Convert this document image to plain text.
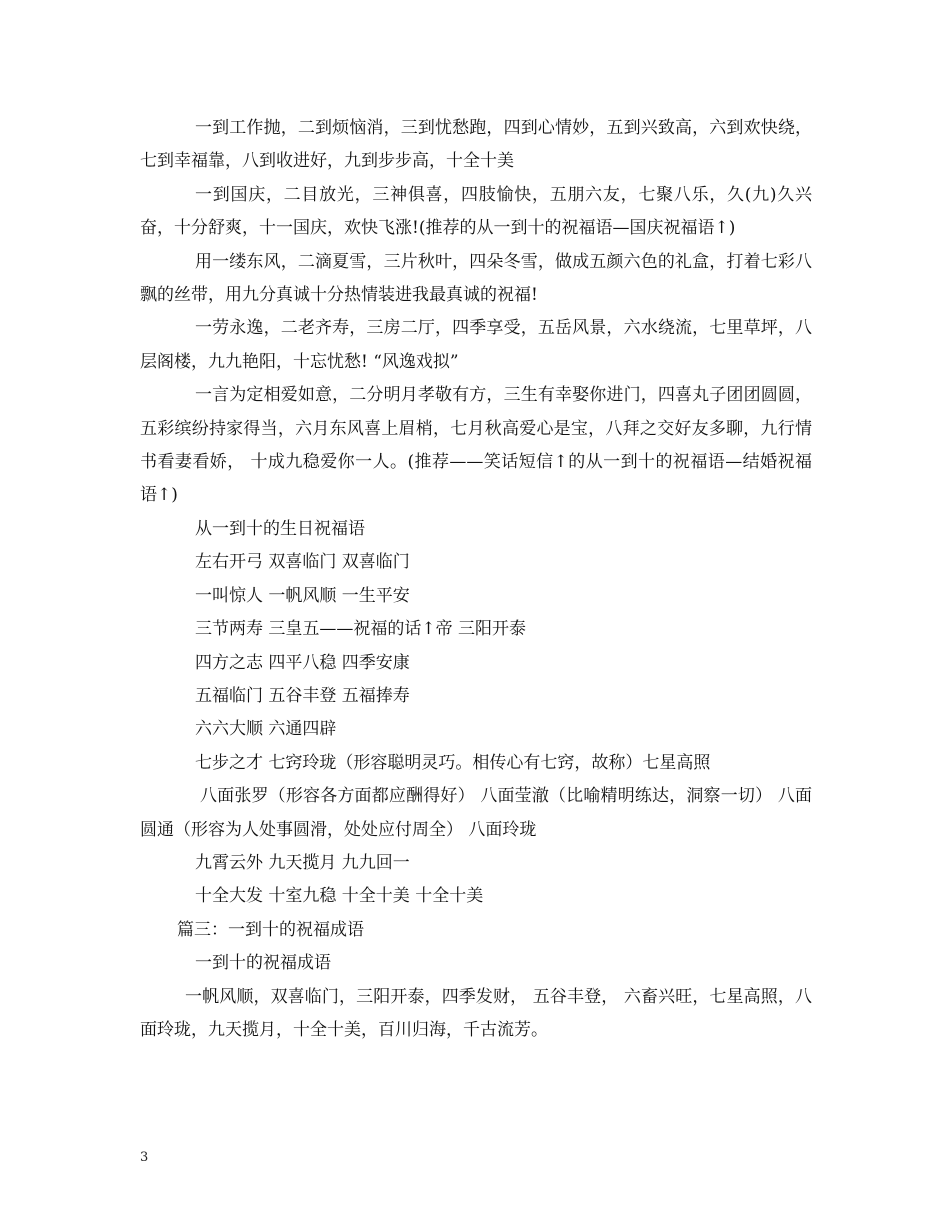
一到工作抛，二到烦恼消，三到忧愁跑，四到心情妙，五到兴致高，六到欢快绕，七到幸福靠，八到收进好，九到步步高，十全十美

一到国庆，二目放光，三神俱喜，四肢愉快，五朋六友，七聚八乐，久(九)久兴奋，十分舒爽，十一国庆，欢快飞涨!(推荐的从一到十的祝福语—国庆祝福语↑)

用一缕东风，二滴夏雪，三片秋叶，四朵冬雪，做成五颜六色的礼盒，打着七彩八飘的丝带，用九分真诚十分热情装进我最真诚的祝福!

一劳永逸，二老齐寿，三房二厅，四季享受，五岳风景，六水绕流，七里草坪，八层阁楼，九九艳阳，十忘忧愁! “风逸戏拟”

一言为定相爱如意，二分明月孝敬有方，三生有幸娶你进门，四喜丸子团团圆圆，五彩缤纷持家得当，六月东风喜上眉梢，七月秋高爱心是宝，八拜之交好友多聊，九行情书看妻看娇， 十成九稳爱你一人。(推荐——笑话短信↑的从一到十的祝福语—结婚祝福语↑)

从一到十的生日祝福语

左右开弓 双喜临门 双喜临门

一叫惊人 一帆风顺 一生平安

三节两寿 三皇五——祝福的话↑帝 三阳开泰

四方之志 四平八稳 四季安康

五福临门 五谷丰登 五福捧寿

六六大顺 六通四辟

七步之才 七窍玲珑（形容聪明灵巧。相传心有七窍，故称）七星高照

八面张罗（形容各方面都应酬得好） 八面莹澈（比喻精明练达，洞察一切） 八面圆通（形容为人处事圆滑，处处应付周全） 八面玲珑

九霄云外 九天揽月 九九回一

十全大发 十室九稳 十全十美 十全十美

篇三：一到十的祝福成语

一到十的祝福成语

一帆风顺，双喜临门，三阳开泰，四季发财， 五谷丰登， 六畜兴旺，七星高照，八面玲珑，九天揽月，十全十美，百川归海，千古流芳。

3
